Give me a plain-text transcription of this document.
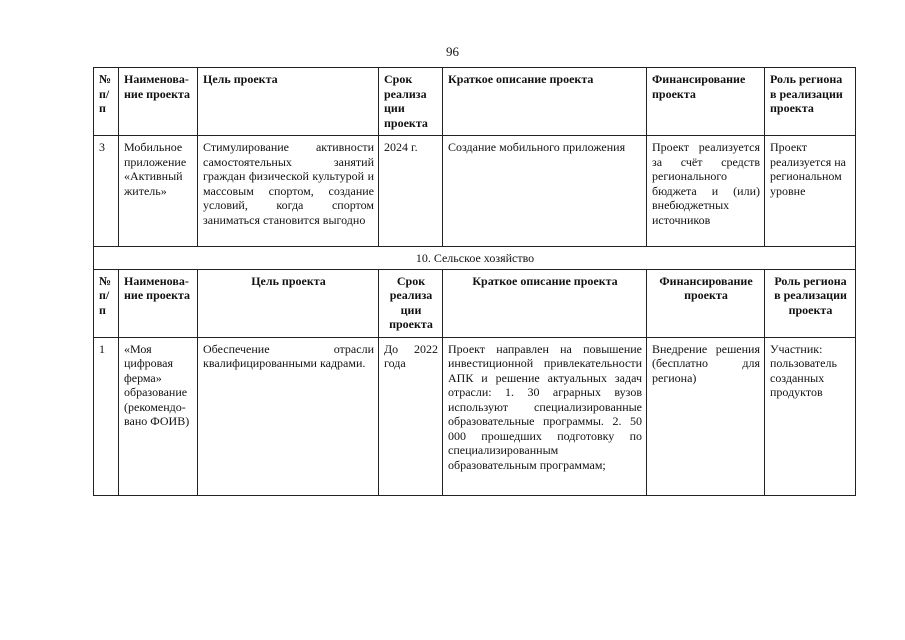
96
№ п/ п	Наименова-ние проекта	Цель проекта	Срок реализа ции проекта	Краткое описание проекта	Финансирование проекта	Роль региона в реализации проекта
3	Мобильное приложение «Активный житель»	Стимулирование активности самостоятельных занятий граждан физической культурой и массовым спортом, создание условий, когда спортом заниматься становится выгодно	2024 г.	Создание мобильного приложения	Проект реализуется за счёт средств регионального бюджета и (или) внебюджетных источников	Проект реализуется на региональном уровне
10. Сельское хозяйство						
№ п/ п	Наименова-ние проекта	Цель проекта	Срок реализа ции проекта	Краткое описание проекта	Финансирование проекта	Роль региона в реализации проекта
1	«Моя цифровая ферма» образование (рекомендо-вано ФОИВ)	Обеспечение отрасли квалифицированными кадрами.	До 2022 года	Проект направлен на повышение инвестиционной привлекательности АПК и решение актуальных задач отрасли: 1. 30 аграрных вузов используют специализированные образовательные программы. 2. 50 000 прошедших подготовку по специализированным образовательным программам;	Внедрение решения (бесплатно для региона)	Участник: пользователь созданных продуктов
